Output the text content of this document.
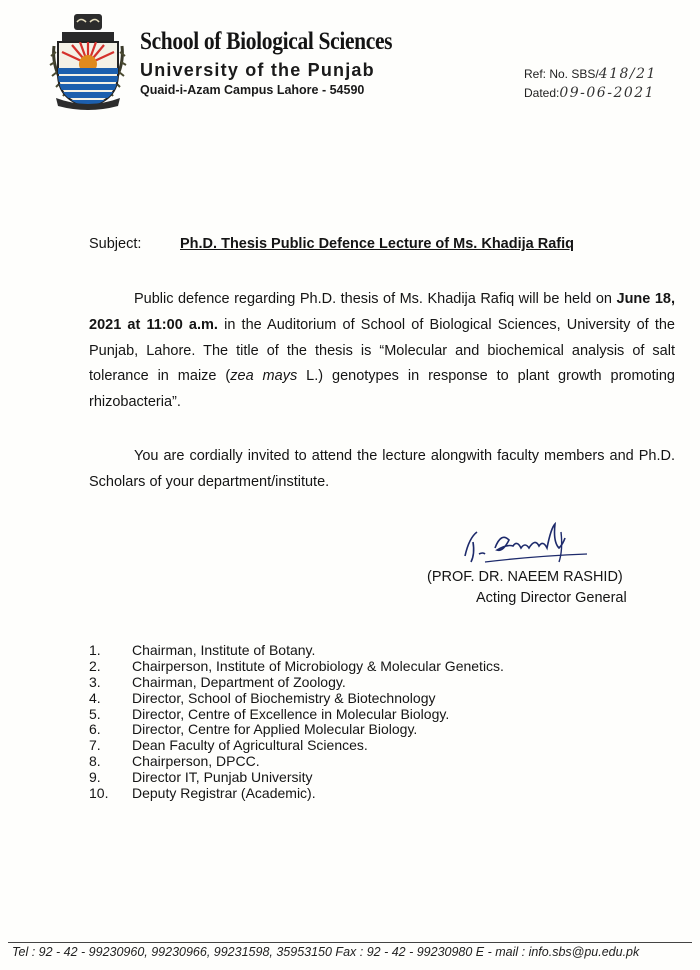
School of Biological Sciences
University of the Punjab
Quaid-i-Azam Campus Lahore - 54590
Ref: No. SBS/418/21
Dated:09-06-2021
Subject:	Ph.D. Thesis Public Defence Lecture of Ms. Khadija Rafiq
Public defence regarding Ph.D. thesis of Ms. Khadija Rafiq will be held on June 18, 2021 at 11:00 a.m. in the Auditorium of School of Biological Sciences, University of the Punjab, Lahore. The title of the thesis is “Molecular and biochemical analysis of salt tolerance in maize (zea mays L.) genotypes in response to plant growth promoting rhizobacteria”.
You are cordially invited to attend the lecture alongwith faculty members and Ph.D. Scholars of your department/institute.
(PROF. DR. NAEEM RASHID)
Acting Director General
1.	Chairman, Institute of Botany.
2.	Chairperson, Institute of Microbiology & Molecular Genetics.
3.	Chairman, Department of Zoology.
4.	Director, School of Biochemistry & Biotechnology
5.	Director, Centre of Excellence in Molecular Biology.
6.	Director, Centre for Applied Molecular Biology.
7.	Dean Faculty of Agricultural Sciences.
8.	Chairperson, DPCC.
9.	Director IT, Punjab University
10.	Deputy Registrar (Academic).
Tel : 92 - 42 - 99230960, 99230966, 99231598, 35953150 Fax : 92 - 42 - 99230980 E - mail : info.sbs@pu.edu.pk
